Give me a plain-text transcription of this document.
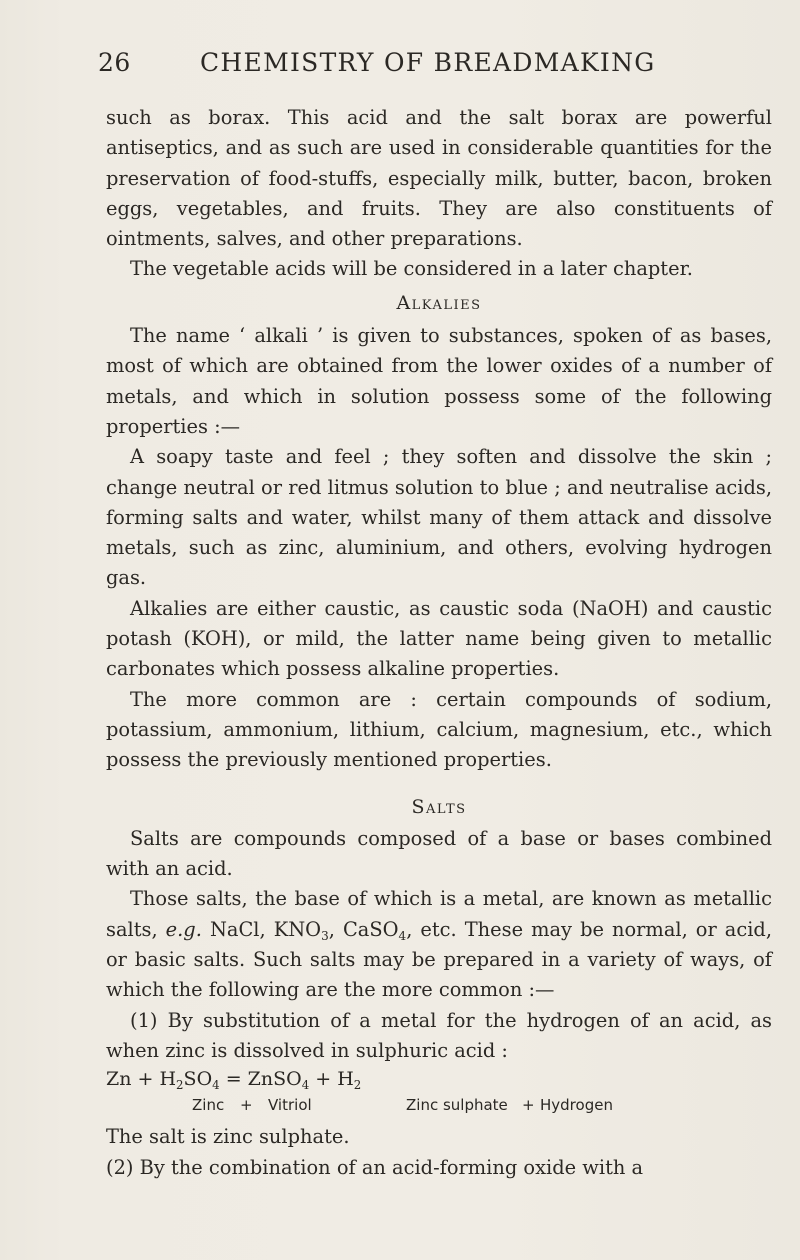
26	CHEMISTRY OF BREADMAKING

such as borax. This acid and the salt borax are powerful antiseptics, and as such are used in considerable quantities for the preservation of food-stuffs, especially milk, butter, bacon, broken eggs, vegetables, and fruits. They are also constituents of ointments, salves, and other preparations.

The vegetable acids will be considered in a later chapter.

Alkalies

The name ‘ alkali ’ is given to substances, spoken of as bases, most of which are obtained from the lower oxides of a number of metals, and which in solution possess some of the following properties :—

A soapy taste and feel ; they soften and dissolve the skin ; change neutral or red litmus solution to blue ; and neutralise acids, forming salts and water, whilst many of them attack and dissolve metals, such as zinc, aluminium, and others, evolving hydrogen gas.

Alkalies are either caustic, as caustic soda (NaOH) and caustic potash (KOH), or mild, the latter name being given to metallic carbonates which possess alkaline properties.

The more common are : certain compounds of sodium, potassium, ammonium, lithium, calcium, magnesium, etc., which possess the previously mentioned properties.

Salts

Salts are compounds composed of a base or bases combined with an acid.

Those salts, the base of which is a metal, are known as metallic salts, e.g. NaCl, $KNO_3$, CaSO$_4$, etc. These may be normal, or acid, or basic salts. Such salts may be prepared in a variety of ways, of which the following are the more common :—

(1) By substitution of a metal for the hydrogen of an acid, as when zinc is dissolved in sulphuric acid :

$Zn + H_2SO_4$ = ZnSO$_4$ + $H_2$
Zinc + Vitriol	Zinc sulphate + Hydrogen

The salt is zinc sulphate.

(2) By the combination of an acid-forming oxide with a
